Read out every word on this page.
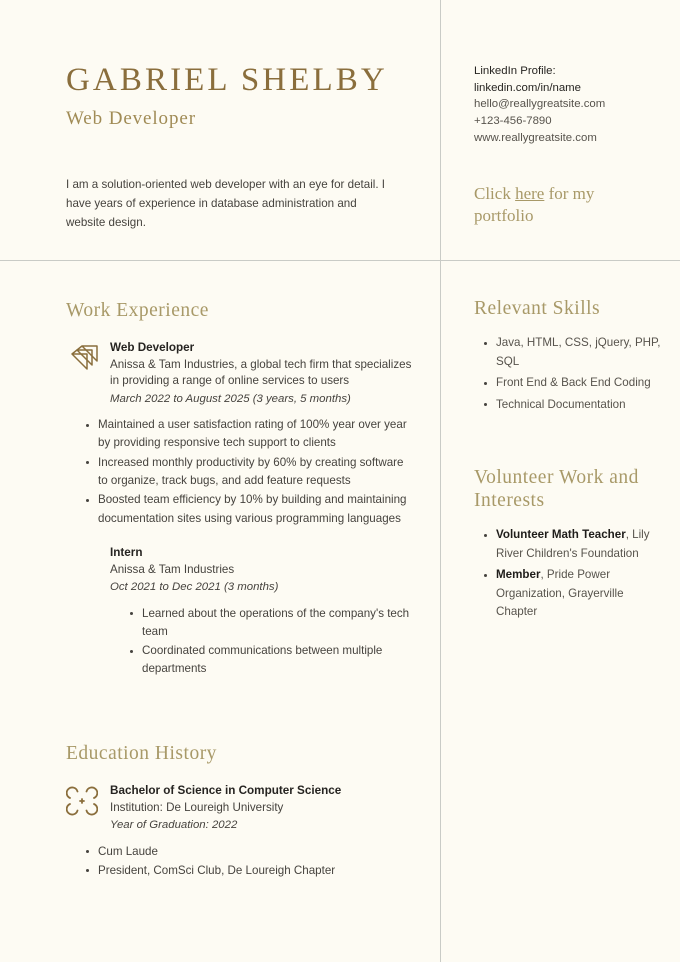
GABRIEL SHELBY
Web Developer
I am a solution-oriented web developer with an eye for detail. I have years of experience in database administration and website design.
Work Experience
Web Developer
Anissa & Tam Industries, a global tech firm that specializes in providing a range of online services to users
March 2022 to August 2025 (3 years, 5 months)
Maintained a user satisfaction rating of 100% year over year by providing responsive tech support to clients
Increased monthly productivity by 60% by creating software to organize, track bugs, and add feature requests
Boosted team efficiency by 10% by building and maintaining documentation sites using various programming languages
Intern
Anissa & Tam Industries
Oct 2021 to Dec 2021 (3 months)
Learned about the operations of the company's tech team
Coordinated communications between multiple departments
Education History
Bachelor of Science in Computer Science
Institution: De Loureigh University
Year of Graduation: 2022
Cum Laude
President, ComSci Club, De Loureigh Chapter
LinkedIn Profile:
linkedin.com/in/name
hello@reallygreatsite.com
+123-456-7890
www.reallygreatsite.com
Click here for my portfolio
Relevant Skills
Java, HTML, CSS, jQuery, PHP, SQL
Front End & Back End Coding
Technical Documentation
Volunteer Work and Interests
Volunteer Math Teacher, Lily River Children's Foundation
Member, Pride Power Organization, Grayerville Chapter
